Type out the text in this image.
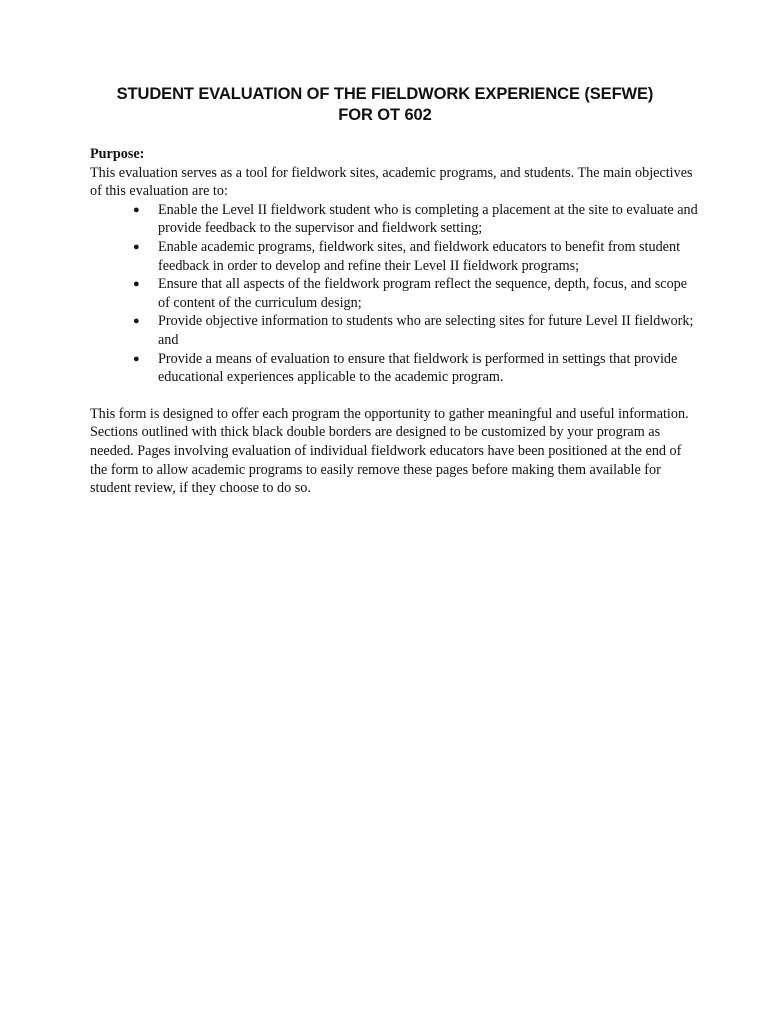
STUDENT EVALUATION OF THE FIELDWORK EXPERIENCE (SEFWE)
FOR OT 602

Purpose:

This evaluation serves as a tool for fieldwork sites, academic programs, and students. The main objectives of this evaluation are to:

● Enable the Level II fieldwork student who is completing a placement at the site to evaluate and provide feedback to the supervisor and fieldwork setting;
● Enable academic programs, fieldwork sites, and fieldwork educators to benefit from student feedback in order to develop and refine their Level II fieldwork programs;
● Ensure that all aspects of the fieldwork program reflect the sequence, depth, focus, and scope of content of the curriculum design;
● Provide objective information to students who are selecting sites for future Level II fieldwork; and
● Provide a means of evaluation to ensure that fieldwork is performed in settings that provide educational experiences applicable to the academic program.

This form is designed to offer each program the opportunity to gather meaningful and useful information. Sections outlined with thick black double borders are designed to be customized by your program as needed. Pages involving evaluation of individual fieldwork educators have been positioned at the end of the form to allow academic programs to easily remove these pages before making them available for student review, if they choose to do so.
